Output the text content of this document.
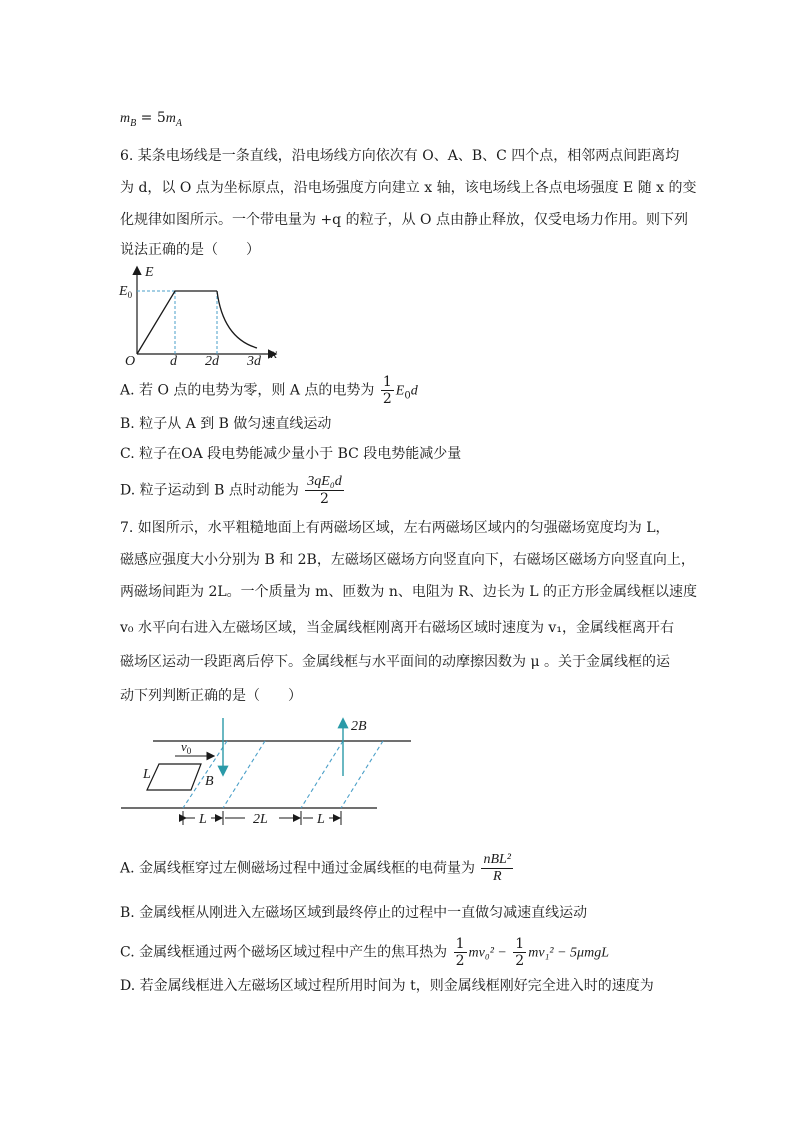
$m_B = 5m_A$
6. 某条电场线是一条直线，沿电场线方向依次有 O、A、B、C 四个点，相邻两点间距离均
为 d，以 O 点为坐标原点，沿电场强度方向建立 x 轴，该电场线上各点电场强度 E 随 x 的变
化规律如图所示。一个带电量为 +q 的粒子，从 O 点由静止释放，仅受电场力作用。则下列
说法正确的是（　　）
E
x
O
$E_0$
d 2d 3d
A. 若 O 点的电势为零，则 A 点的电势为 $\frac{1}{2} E_0d$
B. 粒子从 A 到 B 做匀速直线运动
C. 粒子在OA 段电势能减少量小于 BC 段电势能减少量
D. 粒子运动到 B 点时动能为 $\frac{\text{3qE₀d}}{2}$
7. 如图所示，水平粗糙地面上有两磁场区域，左右两磁场区域内的匀强磁场宽度均为 L，
磁感应强度大小分别为 B 和 2B，左磁场区磁场方向竖直向下，右磁场区磁场方向竖直向上，
两磁场间距为 2L。一个质量为 m、匝数为 n、电阻为 R、边长为 L 的正方形金属线框以速度
v₀ 水平向右进入左磁场区域，当金属线框刚离开右磁场区域时速度为 v₁，金属线框离开右
磁场区运动一段距离后停下。金属线框与水平面间的动摩擦因数为 μ 。关于金属线框的运
动下列判断正确的是（　　）
B
2B
L
$v_0$
L	2L	L
A. 金属线框穿过左侧磁场过程中通过金属线框的电荷量为 $\frac{\text{nBL²}}{R}$
B. 金属线框从刚进入左磁场区域到最终停止的过程中一直做匀减速直线运动
C. 金属线框通过两个磁场区域过程中产生的焦耳热为 $\frac{1}{2} mv_0^2 - \frac{1}{2} mv_1^2 - 5\mu mgL$
D. 若金属线框进入左磁场区域过程所用时间为 t，则金属线框刚好完全进入时的速度为
